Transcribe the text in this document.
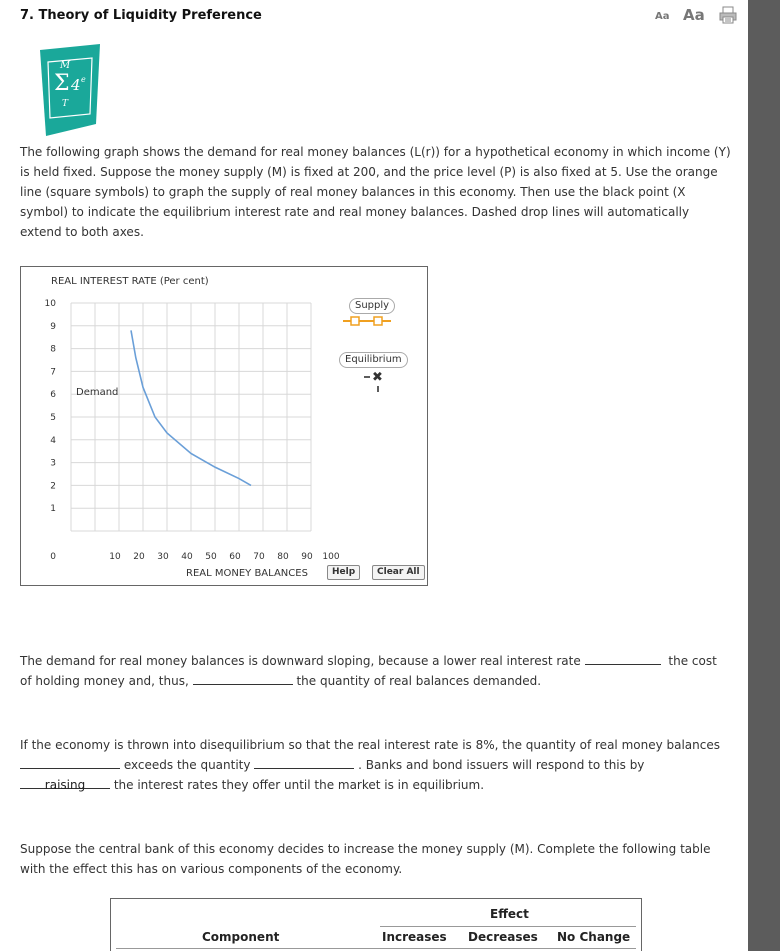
7. Theory of Liquidity Preference	Aa Aa
M
Σ 4 e
T
The following graph shows the demand for real money balances (L(r)) for a hypothetical economy in which income (Y) is held fixed. Suppose the money supply (M) is fixed at 200, and the price level (P) is also fixed at 5. Use the orange line (square symbols) to graph the supply of real money balances in this economy. Then use the black point (X symbol) to indicate the equilibrium interest rate and real money balances. Dashed drop lines will automatically extend to both axes.
REAL INTEREST RATE (Per cent)
10
9
8
7
6
5
4
3
2
1
0	10 20 30 40 50 60 70 80 90 100
Demand
REAL MONEY BALANCES
✖
Supply
Equilibrium
Help	Clear All
The demand for real money balances is downward sloping, because a lower real interest rate	the cost of holding money and, thus,	the quantity of real balances demanded.
If the economy is thrown into disequilibrium so that the real interest rate is 8%, the quantity of real money balances  exceeds the quantity	. Banks and bond issuers will respond to this by raising the interest rates they offer until the market is in equilibrium.
Suppose the central bank of this economy decides to increase the money supply (M). Complete the following table with the effect this has on various components of the economy.
Effect
Component	Increases Decreases No Change
